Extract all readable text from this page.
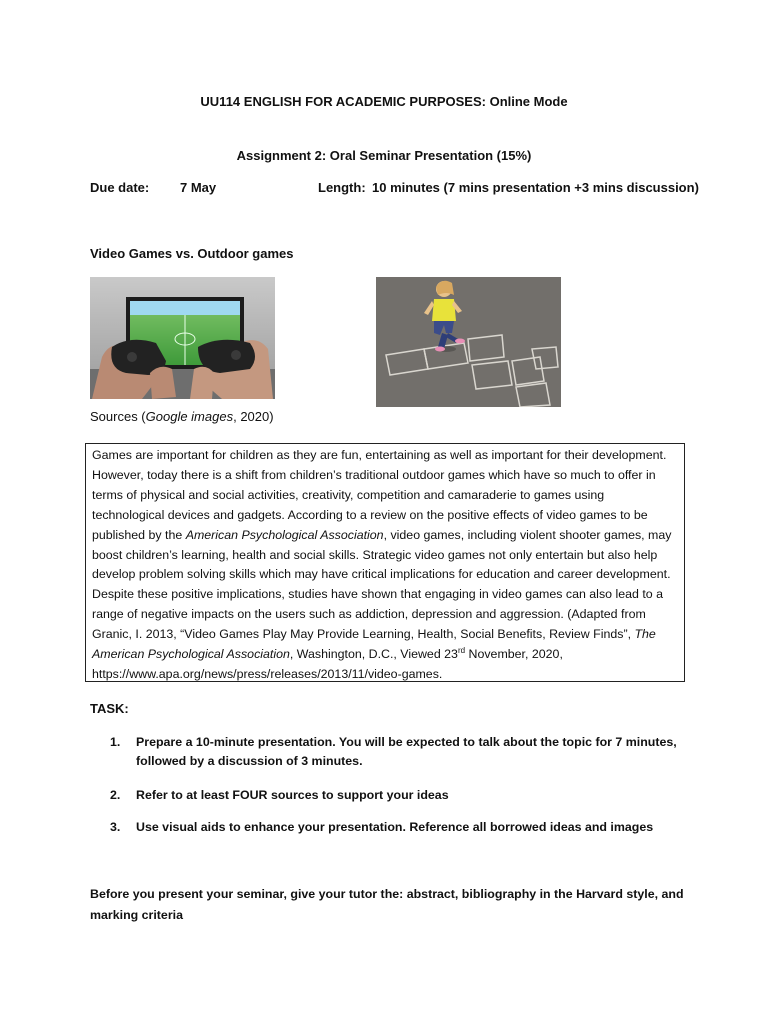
UU114 ENGLISH FOR ACADEMIC PURPOSES: Online Mode
Assignment 2: Oral Seminar Presentation (15%)
Due date: 7 May	Length: 10 minutes (7 mins presentation +3 mins discussion)
Video Games vs. Outdoor games
Sources (Google images, 2020)
Games are important for children as they are fun, entertaining as well as important for their development. However, today there is a shift from children’s traditional outdoor games which have so much to offer in terms of physical and social activities, creativity, competition and camaraderie to games using technological devices and gadgets. According to a review on the positive effects of video games to be published by the American Psychological Association, video games, including violent shooter games, may boost children’s learning, health and social skills. Strategic video games not only entertain but also help develop problem solving skills which may have critical implications for education and career development. Despite these positive implications, studies have shown that engaging in video games can also lead to a range of negative impacts on the users such as addiction, depression and aggression. (Adapted from Granic, I. 2013, “Video Games Play May Provide Learning, Health, Social Benefits, Review Finds”, The American Psychological Association, Washington, D.C., Viewed 23rd November, 2020, https://www.apa.org/news/press/releases/2013/11/video-games.
TASK:
1. Prepare a 10-minute presentation. You will be expected to talk about the topic for 7 minutes, followed by a discussion of 3 minutes.
2. Refer to at least FOUR sources to support your ideas
3. Use visual aids to enhance your presentation. Reference all borrowed ideas and images
Before you present your seminar, give your tutor the: abstract, bibliography in the Harvard style, and marking criteria
